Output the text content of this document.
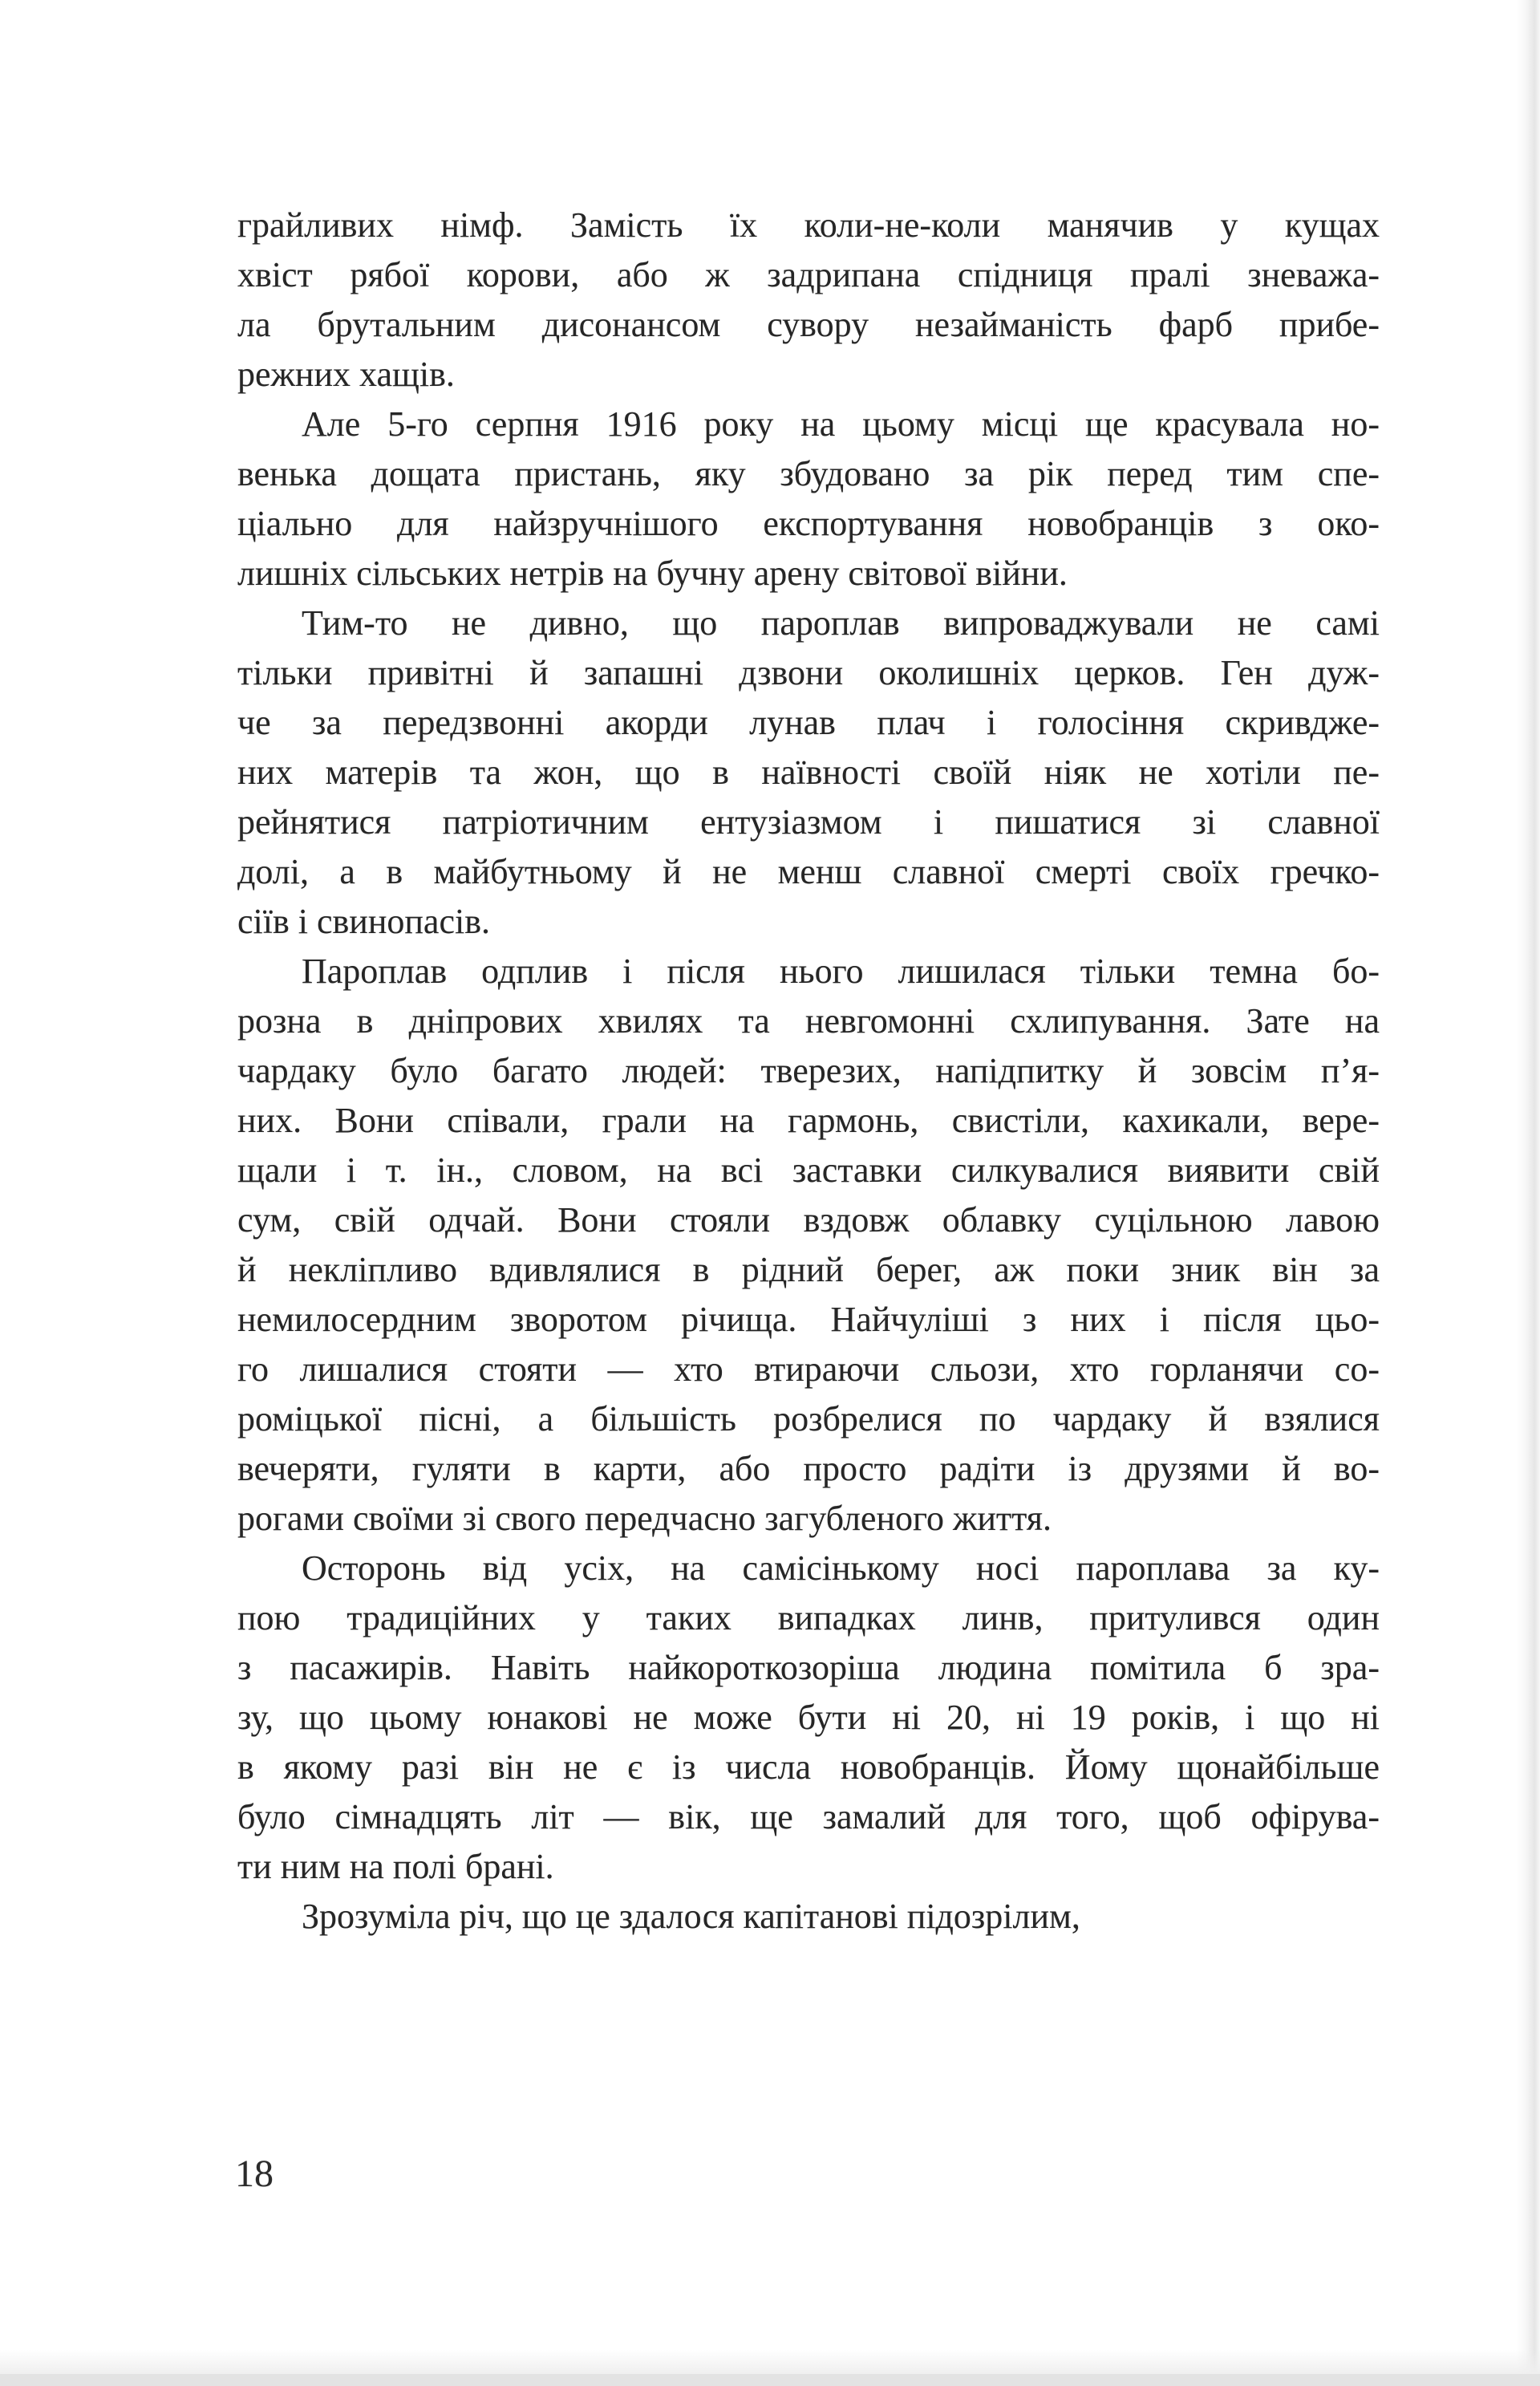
грайливих німф. Замість їх коли-не-коли манячив у кущах
хвіст рябої корови, або ж задрипана спідниця пралі зневажа-
ла брутальним дисонансом сувору незайманість фарб прибе-
режних хащів.
Але 5-го серпня 1916 року на цьому місці ще красувала но-
венька дощата пристань, яку збудовано за рік перед тим спе-
ціально для найзручнішого експортування новобранців з око-
лишніх сільських нетрів на бучну арену світової війни.
Тим-то не дивно, що пароплав випроваджували не самі
тільки привітні й запашні дзвони околишніх церков. Ген дуж-
че за передзвонні акорди лунав плач і голосіння скривдже-
них матерів та жон, що в наївності своїй ніяк не хотіли пе-
рейнятися патріотичним ентузіазмом і пишатися зі славної
долі, а в майбутньому й не менш славної смерті своїх гречко-
сіїв і свинопасів.
Пароплав одплив і після нього лишилася тільки темна бо-
розна в дніпрових хвилях та невгомонні схлипування. Зате на
чардаку було багато людей: тверезих, напідпитку й зовсім п’я-
них. Вони співали, грали на гармонь, свистіли, кахикали, вере-
щали і т. ін., словом, на всі заставки силкувалися виявити свій
сум, свій одчай. Вони стояли вздовж облавку суцільною лавою
й некліпливо вдивлялися в рідний берег, аж поки зник він за
немилосердним зворотом річища. Найчуліші з них і після цьо-
го лишалися стояти — хто втираючи сльози, хто горланячи со-
роміцької пісні, а більшість розбрелися по чардаку й взялися
вечеряти, гуляти в карти, або просто радіти із друзями й во-
рогами своїми зі свого передчасно загубленого життя.
Осторонь від усіх, на самісінькому носі пароплава за ку-
пою традиційних у таких випадках линв, притулився один
з пасажирів. Навіть найкороткозоріша людина помітила б зра-
зу, що цьому юнакові не може бути ні 20, ні 19 років, і що ні
в якому разі він не є із числа новобранців. Йому щонайбільше
було сімнадцять літ — вік, ще замалий для того, щоб офірува-
ти ним на полі брані.
Зрозуміла річ, що це здалося капітанові підозрілим,
18
